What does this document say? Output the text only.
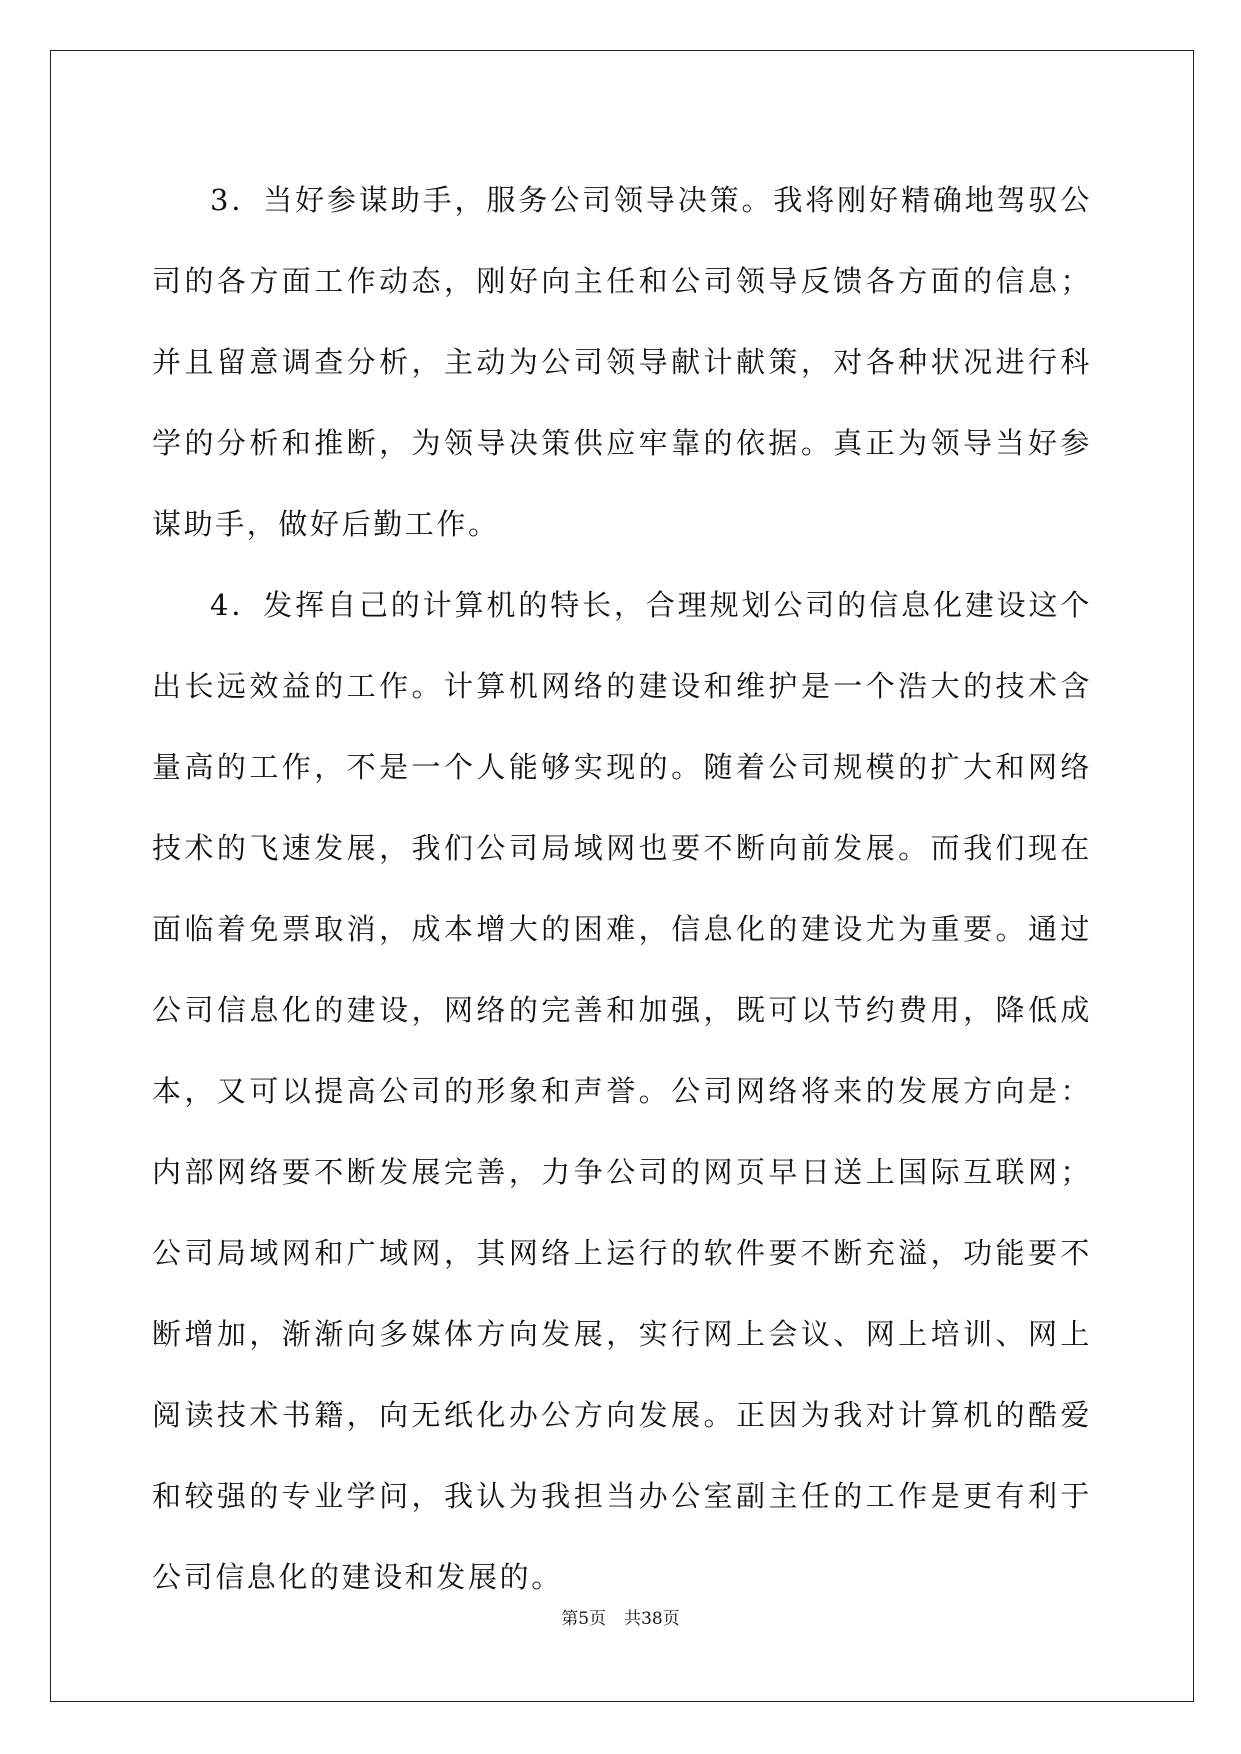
3．当好参谋助手，服务公司领导决策。我将刚好精确地驾驭公司的各方面工作动态，刚好向主任和公司领导反馈各方面的信息；并且留意调查分析，主动为公司领导献计献策，对各种状况进行科学的分析和推断，为领导决策供应牢靠的依据。真正为领导当好参谋助手，做好后勤工作。

4．发挥自己的计算机的特长，合理规划公司的信息化建设这个出长远效益的工作。计算机网络的建设和维护是一个浩大的技术含量高的工作，不是一个人能够实现的。随着公司规模的扩大和网络技术的飞速发展，我们公司局域网也要不断向前发展。而我们现在面临着免票取消，成本增大的困难，信息化的建设尤为重要。通过公司信息化的建设，网络的完善和加强，既可以节约费用，降低成本，又可以提高公司的形象和声誉。公司网络将来的发展方向是：内部网络要不断发展完善，力争公司的网页早日送上国际互联网；公司局域网和广域网，其网络上运行的软件要不断充溢，功能要不断增加，渐渐向多媒体方向发展，实行网上会议、网上培训、网上阅读技术书籍，向无纸化办公方向发展。正因为我对计算机的酷爱和较强的专业学问，我认为我担当办公室副主任的工作是更有利于公司信息化的建设和发展的。

第5页 共38页
